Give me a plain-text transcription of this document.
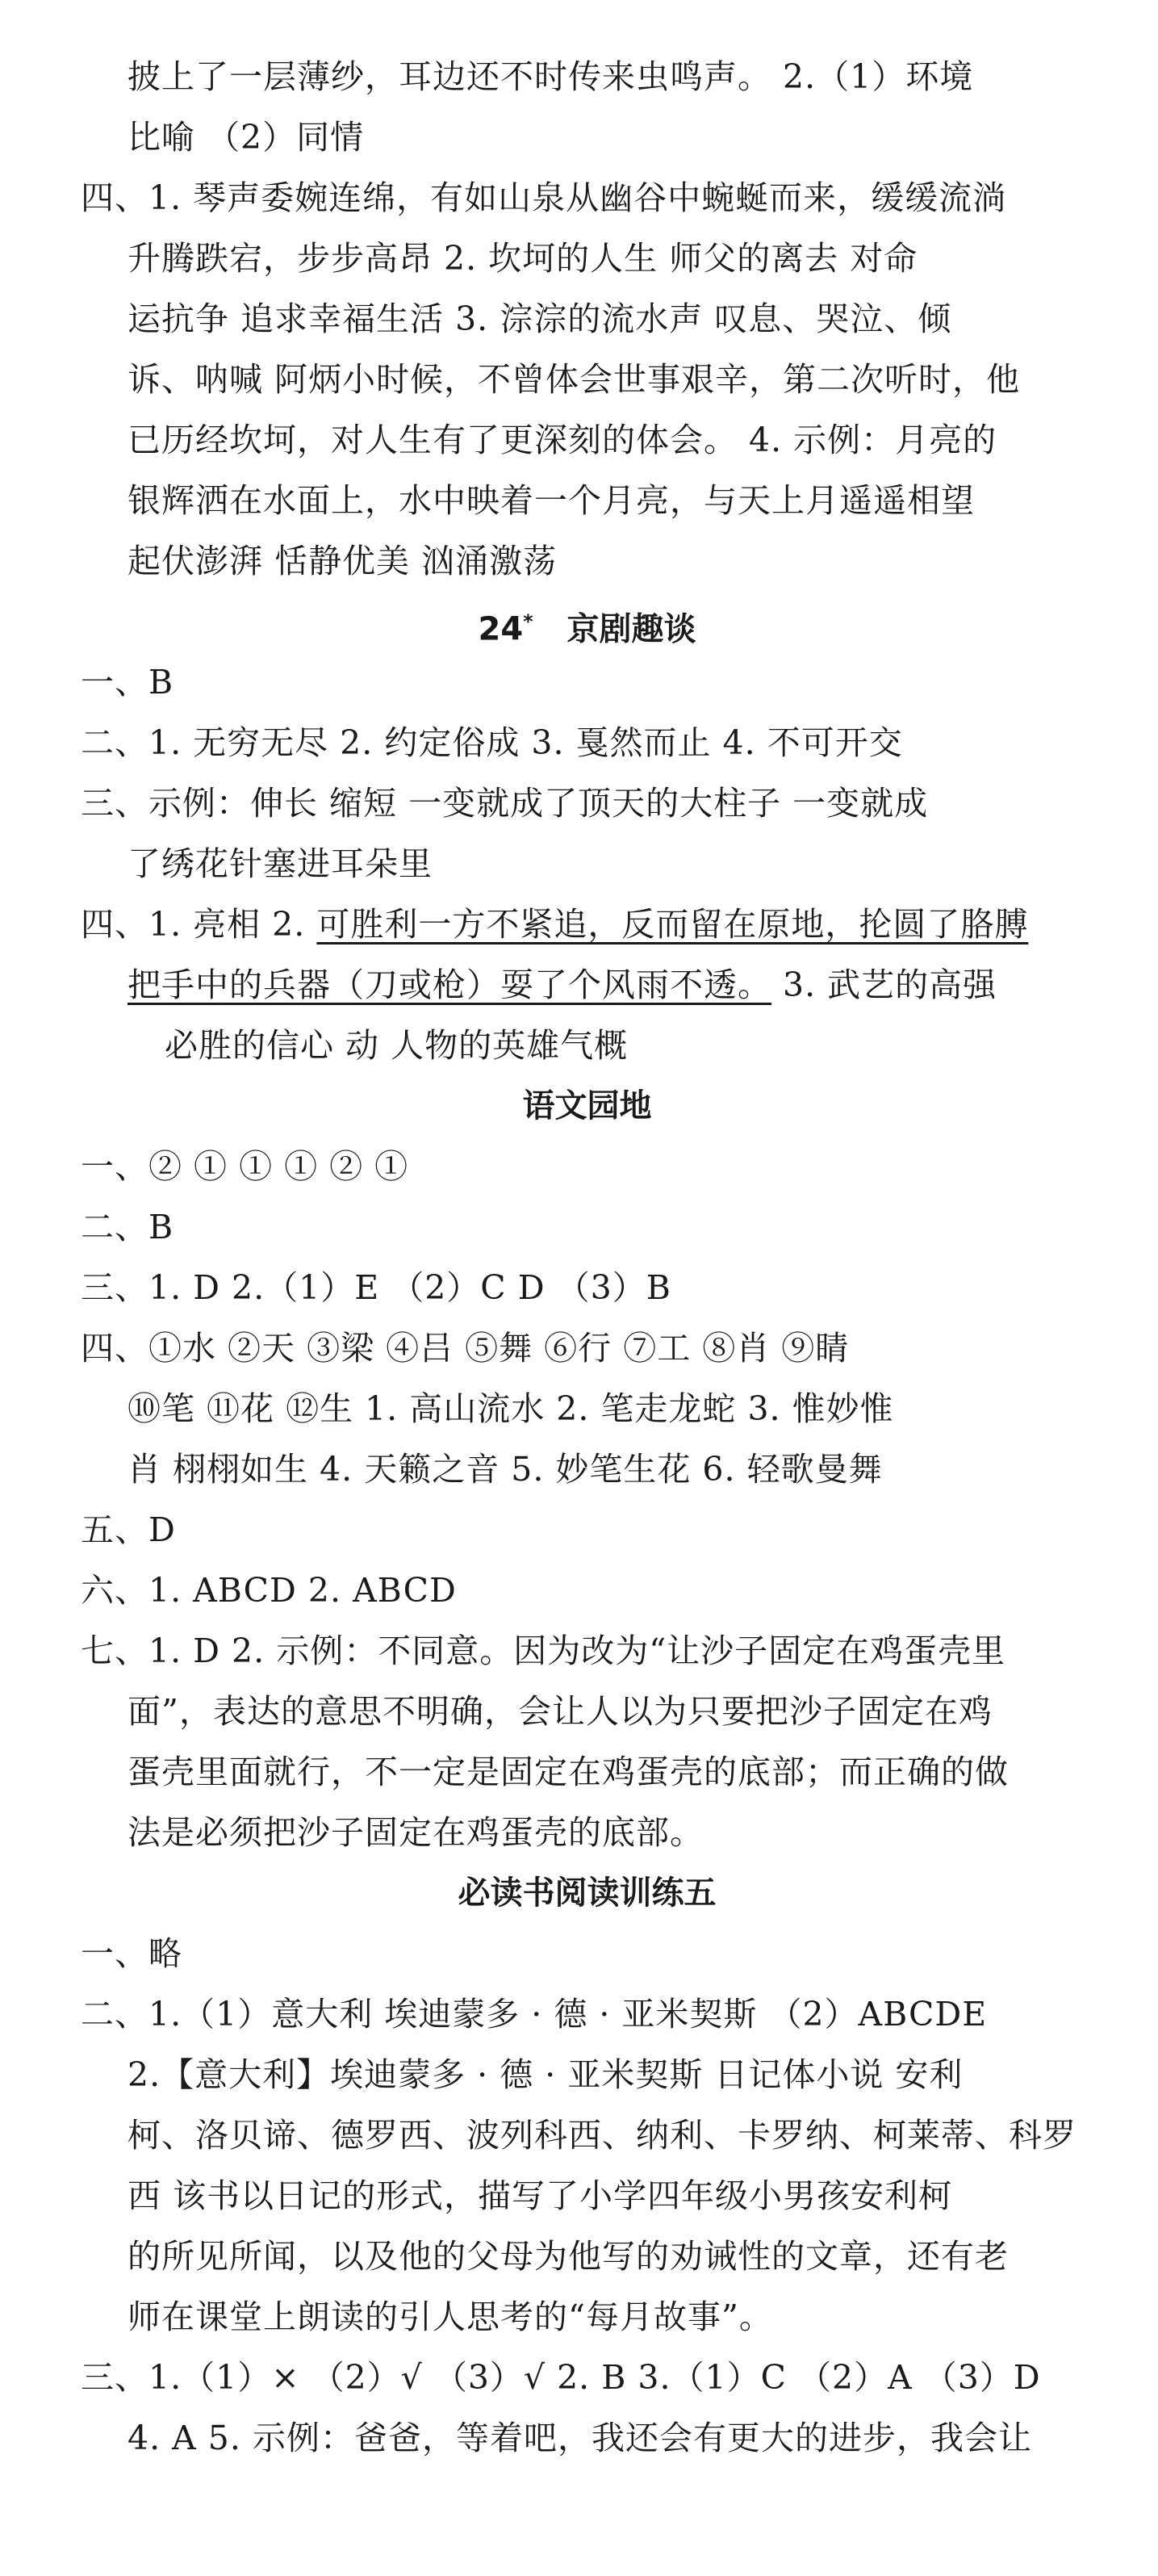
披上了一层薄纱，耳边还不时传来虫鸣声。 2.（1）环境
比喻 （2）同情
四、1. 琴声委婉连绵，有如山泉从幽谷中蜿蜒而来，缓缓流淌
升腾跌宕，步步高昂 2. 坎坷的人生 师父的离去 对命
运抗争 追求幸福生活 3. 淙淙的流水声 叹息、哭泣、倾
诉、呐喊 阿炳小时候，不曾体会世事艰辛，第二次听时，他
已历经坎坷，对人生有了更深刻的体会。 4. 示例：月亮的
银辉洒在水面上，水中映着一个月亮，与天上月遥遥相望
起伏澎湃 恬静优美 汹涌激荡
24* 京剧趣谈
一、B
二、1. 无穷无尽 2. 约定俗成 3. 戛然而止 4. 不可开交
三、示例：伸长 缩短 一变就成了顶天的大柱子 一变就成
了绣花针塞进耳朵里
四、1. 亮相 2. 可胜利一方不紧追，反而留在原地，抡圆了胳膊
把手中的兵器（刀或枪）耍了个风雨不透。 3. 武艺的高强
必胜的信心 动 人物的英雄气概
语文园地
一、② ① ① ① ② ①
二、B
三、1. D 2.（1）E （2）C D （3）B
四、①水 ②天 ③梁 ④吕 ⑤舞 ⑥行 ⑦工 ⑧肖 ⑨睛
⑩笔 ⑪花 ⑫生 1. 高山流水 2. 笔走龙蛇 3. 惟妙惟
肖 栩栩如生 4. 天籁之音 5. 妙笔生花 6. 轻歌曼舞
五、D
六、1. ABCD 2. ABCD
七、1. D 2. 示例：不同意。因为改为“让沙子固定在鸡蛋壳里
面”，表达的意思不明确，会让人以为只要把沙子固定在鸡
蛋壳里面就行，不一定是固定在鸡蛋壳的底部；而正确的做
法是必须把沙子固定在鸡蛋壳的底部。
必读书阅读训练五
一、略
二、1.（1）意大利 埃迪蒙多 · 德 · 亚米契斯 （2）ABCDE
2.【意大利】埃迪蒙多 · 德 · 亚米契斯 日记体小说 安利
柯、洛贝谛、德罗西、波列科西、纳利、卡罗纳、柯莱蒂、科罗
西 该书以日记的形式，描写了小学四年级小男孩安利柯
的所见所闻，以及他的父母为他写的劝诫性的文章，还有老
师在课堂上朗读的引人思考的“每月故事”。
三、1.（1）× （2）√ （3）√ 2. B 3.（1）C （2）A （3）D
4. A 5. 示例：爸爸，等着吧，我还会有更大的进步，我会让
